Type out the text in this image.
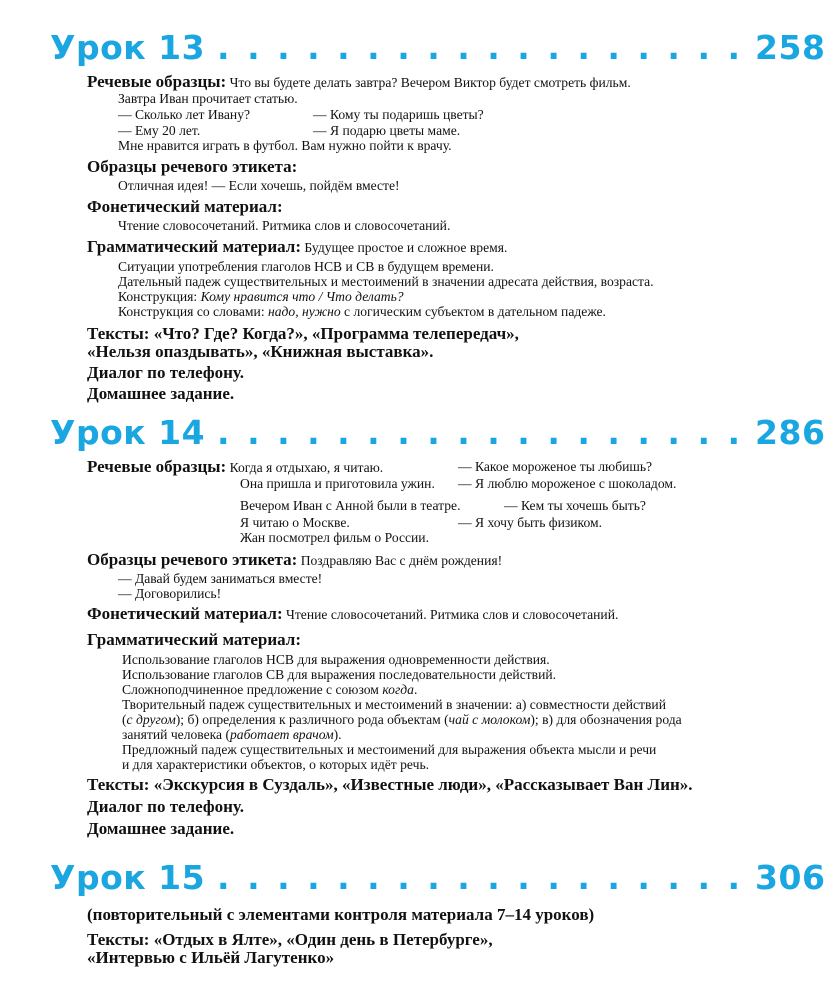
Урок 13 . . . . . . . . . . . . . . . . . . 258
Речевые образцы: Что вы будете делать завтра? Вечером Виктор будет смотреть фильм.
Завтра Иван прочитает статью.
— Сколько лет Ивану?	— Кому ты подаришь цветы?
— Ему 20 лет.	— Я подарю цветы маме.
Мне нравится играть в футбол. Вам нужно пойти к врачу.
Образцы речевого этикета:
Отличная идея! — Если хочешь, пойдём вместе!
Фонетический материал:
Чтение словосочетаний. Ритмика слов и словосочетаний.
Грамматический материал: Будущее простое и сложное время.
Ситуации употребления глаголов НСВ и СВ в будущем времени.
Дательный падеж существительных и местоимений в значении адресата действия, возраста.
Конструкция: Кому нравится что / Что делать?
Конструкция со словами: надо, нужно с логическим субъектом в дательном падеже.
Тексты: «Что? Где? Когда?», «Программа телепередач»,
«Нельзя опаздывать», «Книжная выставка».
Диалог по телефону.
Домашнее задание.
Урок 14 . . . . . . . . . . . . . . . . . . 286
Речевые образцы: Когда я отдыхаю, я читаю.	— Какое мороженое ты любишь?
Она пришла и приготовила ужин. — Я люблю мороженое с шоколадом.
Вечером Иван с Анной были в театре.	— Кем ты хочешь быть?
Я читаю о Москве.	— Я хочу быть физиком.
Жан посмотрел фильм о России.
Образцы речевого этикета: Поздравляю Вас с днём рождения!
— Давай будем заниматься вместе!
— Договорились!
Фонетический материал: Чтение словосочетаний. Ритмика слов и словосочетаний.
Грамматический материал:
Использование глаголов НСВ для выражения одновременности действия.
Использование глаголов СВ для выражения последовательности действий.
Сложноподчиненное предложение с союзом когда.
Творительный падеж существительных и местоимений в значении: а) совместности действий
(с другом); б) определения к различного рода объектам (чай с молоком); в) для обозначения рода
занятий человека (работает врачом).
Предложный падеж существительных и местоимений для выражения объекта мысли и речи
и для характеристики объектов, о которых идёт речь.
Тексты: «Экскурсия в Суздаль», «Известные люди», «Рассказывает Ван Лин».
Диалог по телефону.
Домашнее задание.
Урок 15 . . . . . . . . . . . . . . . . . . 306
(повторительный с элементами контроля материала 7–14 уроков)
Тексты: «Отдых в Ялте», «Один день в Петербурге»,
«Интервью с Ильёй Лагутенко»
